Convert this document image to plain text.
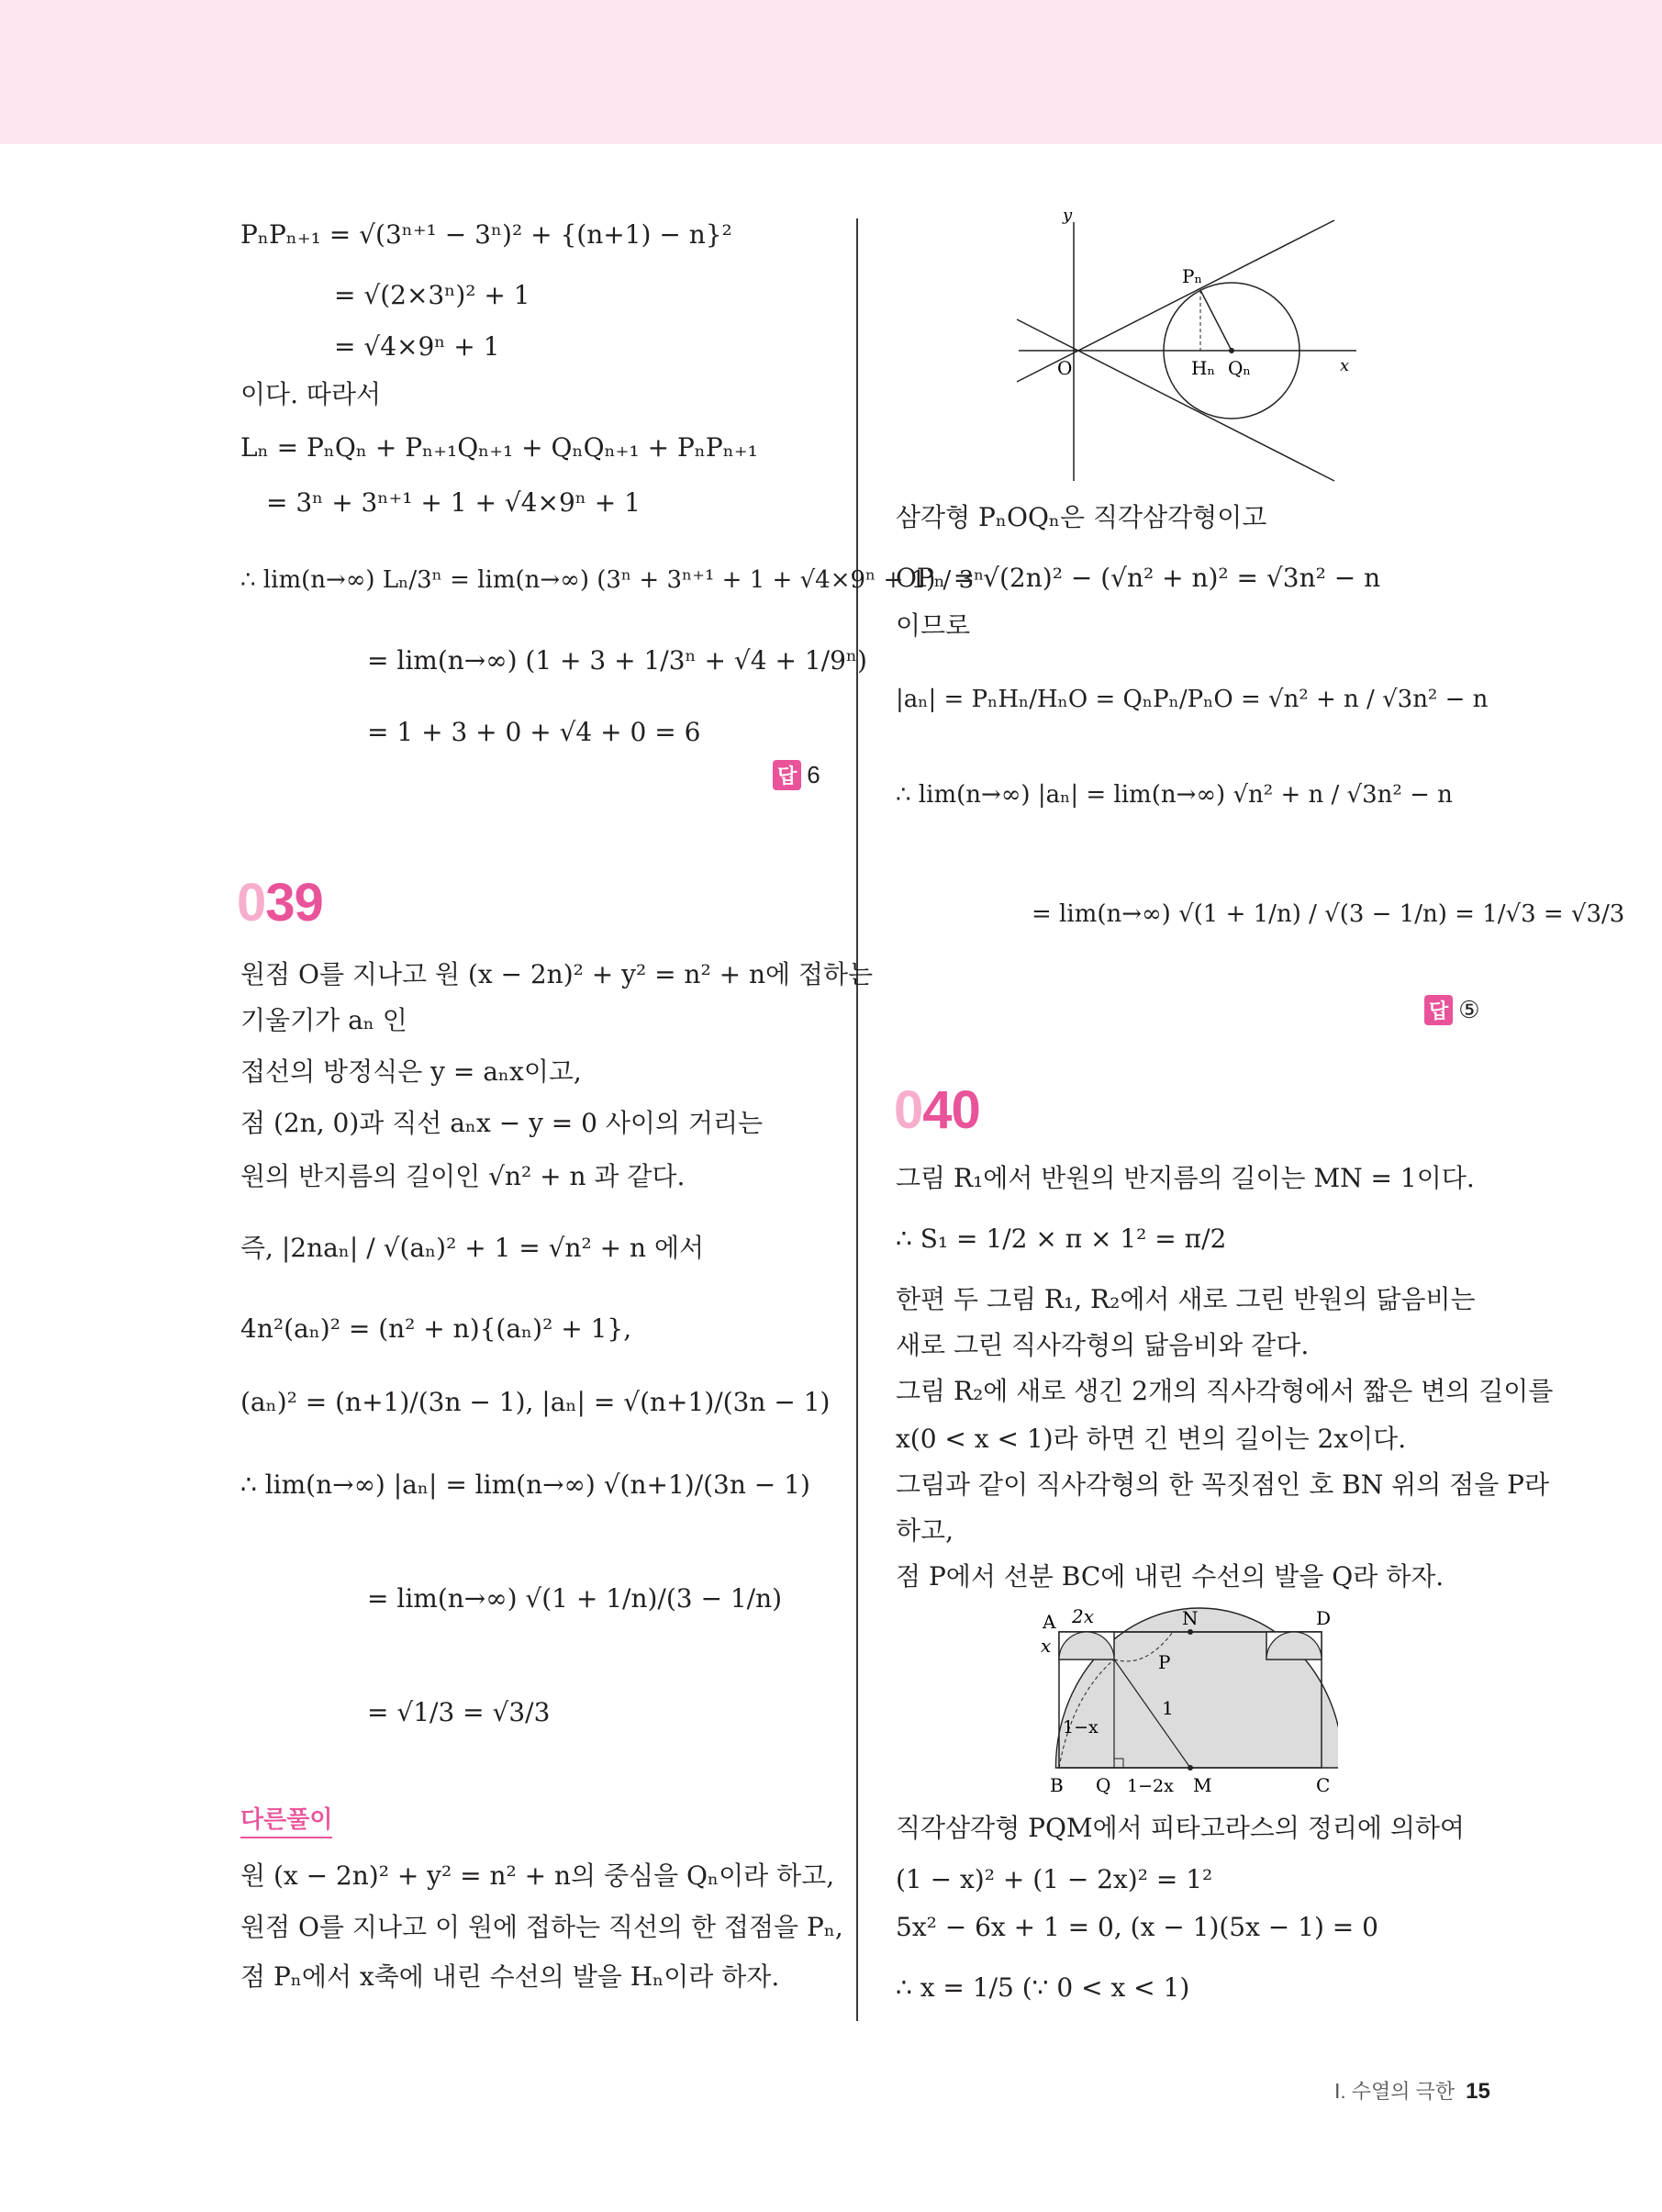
PₙPₙ₊₁ = √(3ⁿ⁺¹ − 3ⁿ)² + {(n+1) − n}²
= √(2×3ⁿ)² + 1
= √4×9ⁿ + 1
이다. 따라서
Lₙ = PₙQₙ + Pₙ₊₁Qₙ₊₁ + QₙQₙ₊₁ + PₙPₙ₊₁
= 3ⁿ + 3ⁿ⁺¹ + 1 + √4×9ⁿ + 1
∴ lim(n→∞) Lₙ/3ⁿ = lim(n→∞) (3ⁿ + 3ⁿ⁺¹ + 1 + √4×9ⁿ + 1) / 3ⁿ
= lim(n→∞) (1 + 3 + 1/3ⁿ + √4 + 1/9ⁿ)
= 1 + 3 + 0 + √4 + 0 = 6
답 6
039
원점 O를 지나고 원 (x − 2n)² + y² = n² + n에 접하는
기울기가 aₙ 인
접선의 방정식은 y = aₙx이고,
점 (2n, 0)과 직선 aₙx − y = 0 사이의 거리는
원의 반지름의 길이인 √n² + n 과 같다.
즉, |2naₙ| / √(aₙ)² + 1 = √n² + n 에서
4n²(aₙ)² = (n² + n){(aₙ)² + 1},
(aₙ)² = (n+1)/(3n − 1), |aₙ| = √(n+1)/(3n − 1)
∴ lim(n→∞) |aₙ| = lim(n→∞) √(n+1)/(3n − 1)
= lim(n→∞) √(1 + 1/n)/(3 − 1/n)
= √1/3 = √3/3
다른풀이
원 (x − 2n)² + y² = n² + n의 중심을 Qₙ이라 하고,
원점 O를 지나고 이 원에 접하는 직선의 한 접점을 Pₙ,
점 Pₙ에서 x축에 내린 수선의 발을 Hₙ이라 하자.
y
x
O
Pₙ
Hₙ Qₙ
삼각형 PₙOQₙ은 직각삼각형이고
OPₙ = √(2n)² − (√n² + n)² = √3n² − n
이므로
|aₙ| = PₙHₙ/HₙO = QₙPₙ/PₙO = √n² + n / √3n² − n
∴ lim(n→∞) |aₙ| = lim(n→∞) √n² + n / √3n² − n
= lim(n→∞) √(1 + 1/n) / √(3 − 1/n) = 1/√3 = √3/3
답 ⑤
040
그림 R₁에서 반원의 반지름의 길이는 MN = 1이다.
∴ S₁ = 1/2 × π × 1² = π/2
한편 두 그림 R₁, R₂에서 새로 그린 반원의 닮음비는
새로 그린 직사각형의 닮음비와 같다.
그림 R₂에 새로 생긴 2개의 직사각형에서 짧은 변의 길이를
x(0 < x < 1)라 하면 긴 변의 길이는 2x이다.
그림과 같이 직사각형의 한 꼭짓점인 호 BN 위의 점을 P라
하고,
점 P에서 선분 BC에 내린 수선의 발을 Q라 하자.
A 2x	N	D
x
P
1
1−x
B Q 1−2x M	C
직각삼각형 PQM에서 피타고라스의 정리에 의하여
(1 − x)² + (1 − 2x)² = 1²
5x² − 6x + 1 = 0, (x − 1)(5x − 1) = 0
∴ x = 1/5 (∵ 0 < x < 1)
Ⅰ. 수열의 극한 15
